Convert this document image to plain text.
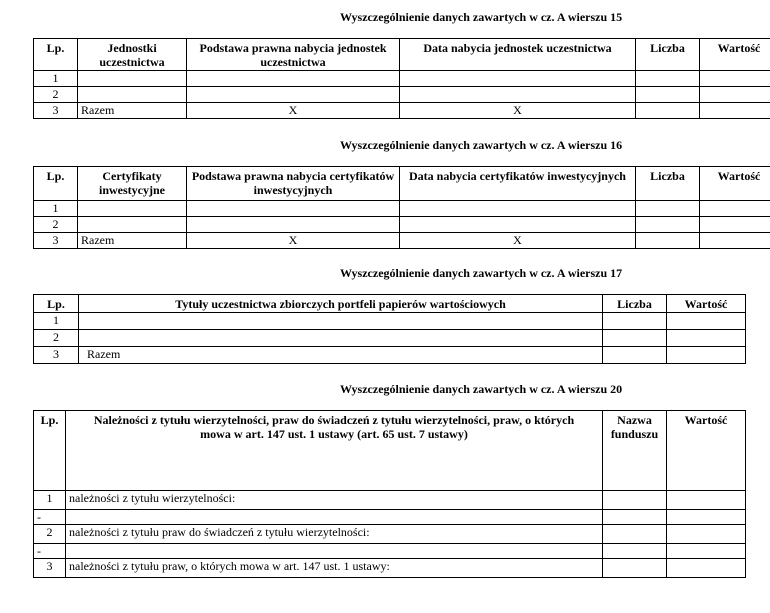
Wyszczególnienie danych zawartych w cz. A wierszu 15
Lp.	Jednostki uczestnictwa	Podstawa prawna nabycia jednostek uczestnictwa	Data nabycia jednostek uczestnictwa	Liczba	Wartość
1					
2					
3	Razem	X	X		
Wyszczególnienie danych zawartych w cz. A wierszu 16
Lp.	Certyfikaty inwestycyjne	Podstawa prawna nabycia certyfikatów inwestycyjnych	Data nabycia certyfikatów inwestycyjnych	Liczba	Wartość
1					
2					
3	Razem	X	X		
Wyszczególnienie danych zawartych w cz. A wierszu 17
Lp.	Tytuły uczestnictwa zbiorczych portfeli papierów wartościowych	Liczba	Wartość
1			
2			
3	Razem		
Wyszczególnienie danych zawartych w cz. A wierszu 20
Lp.	Należności z tytułu wierzytelności, praw do świadczeń z tytułu wierzytelności, praw, o których mowa w art. 147 ust. 1 ustawy (art. 65 ust. 7 ustawy)	Nazwa funduszu	Wartość
1	należności z tytułu wierzytelności:		
-			
2	należności z tytułu praw do świadczeń z tytułu wierzytelności:		
-			
3	należności z tytułu praw, o których mowa w art. 147 ust. 1 ustawy:		
